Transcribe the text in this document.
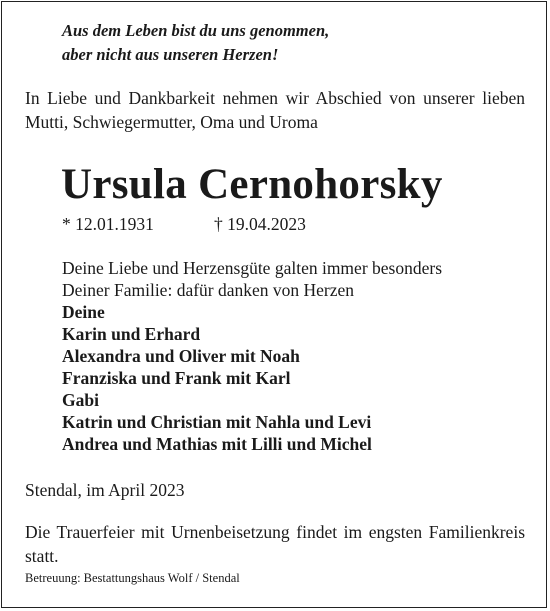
Aus dem Leben bist du uns genommen,
aber nicht aus unseren Herzen!
In Liebe und Dankbarkeit nehmen wir Abschied von unserer lieben Mutti, Schwiegermutter, Oma und Uroma
Ursula Cernohorsky
* 12.01.1931	† 19.04.2023
Deine Liebe und Herzensgüte galten immer besonders
Deiner Familie: dafür danken von Herzen
Deine
Karin und Erhard
Alexandra und Oliver mit Noah
Franziska und Frank mit Karl
Gabi
Katrin und Christian mit Nahla und Levi
Andrea und Mathias mit Lilli und Michel
Stendal, im April 2023
Die Trauerfeier mit Urnenbeisetzung findet im engsten Familienkreis statt.
Betreuung: Bestattungshaus Wolf / Stendal
